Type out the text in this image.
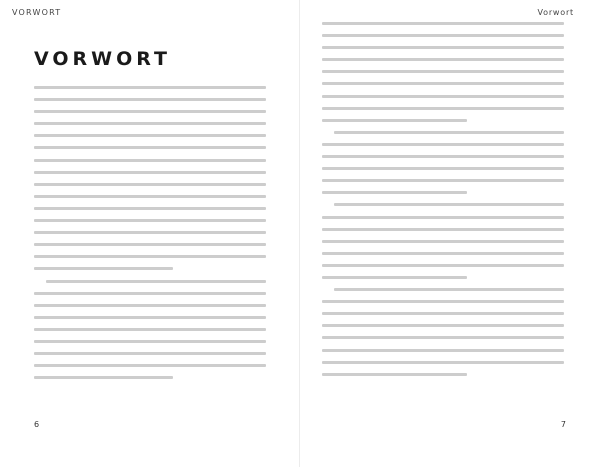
VORWORT
VORWORT
6
Vorwort
7
